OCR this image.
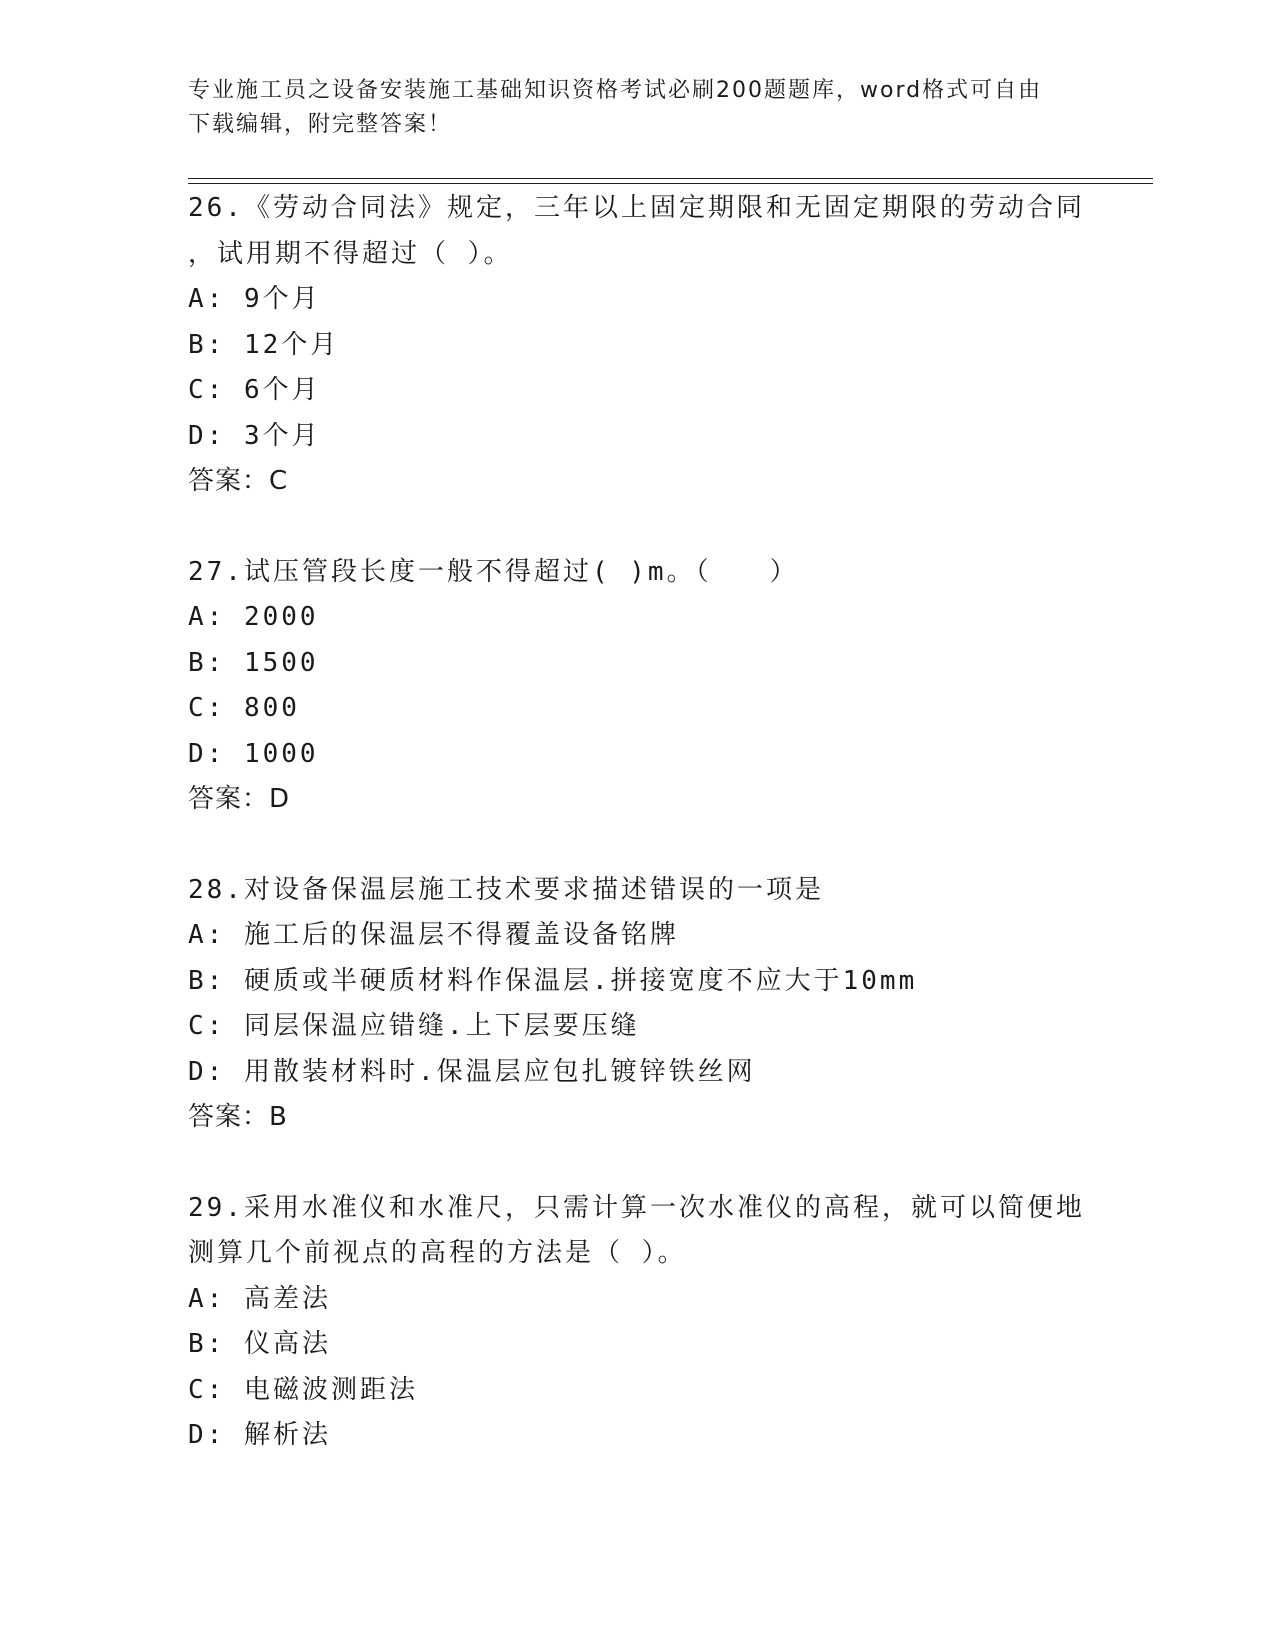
专业施工员之设备安装施工基础知识资格考试必刷200题题库，word格式可自由
下载编辑，附完整答案！
26.《劳动合同法》规定，三年以上固定期限和无固定期限的劳动合同
，试用期不得超过（ ）。
A: 9个月
B: 12个月
C: 6个月
D: 3个月
答案：C
27.试压管段长度一般不得超过( )m。（　　）
A: 2000
B: 1500
C: 800
D: 1000
答案：D
28.对设备保温层施工技术要求描述错误的一项是
A: 施工后的保温层不得覆盖设备铭牌
B: 硬质或半硬质材料作保温层.拼接宽度不应大于10mm
C: 同层保温应错缝.上下层要压缝
D: 用散装材料时.保温层应包扎镀锌铁丝网
答案：B
29.采用水准仪和水准尺，只需计算一次水准仪的高程，就可以简便地
测算几个前视点的高程的方法是（ ）。
A: 高差法
B: 仪高法
C: 电磁波测距法
D: 解析法
